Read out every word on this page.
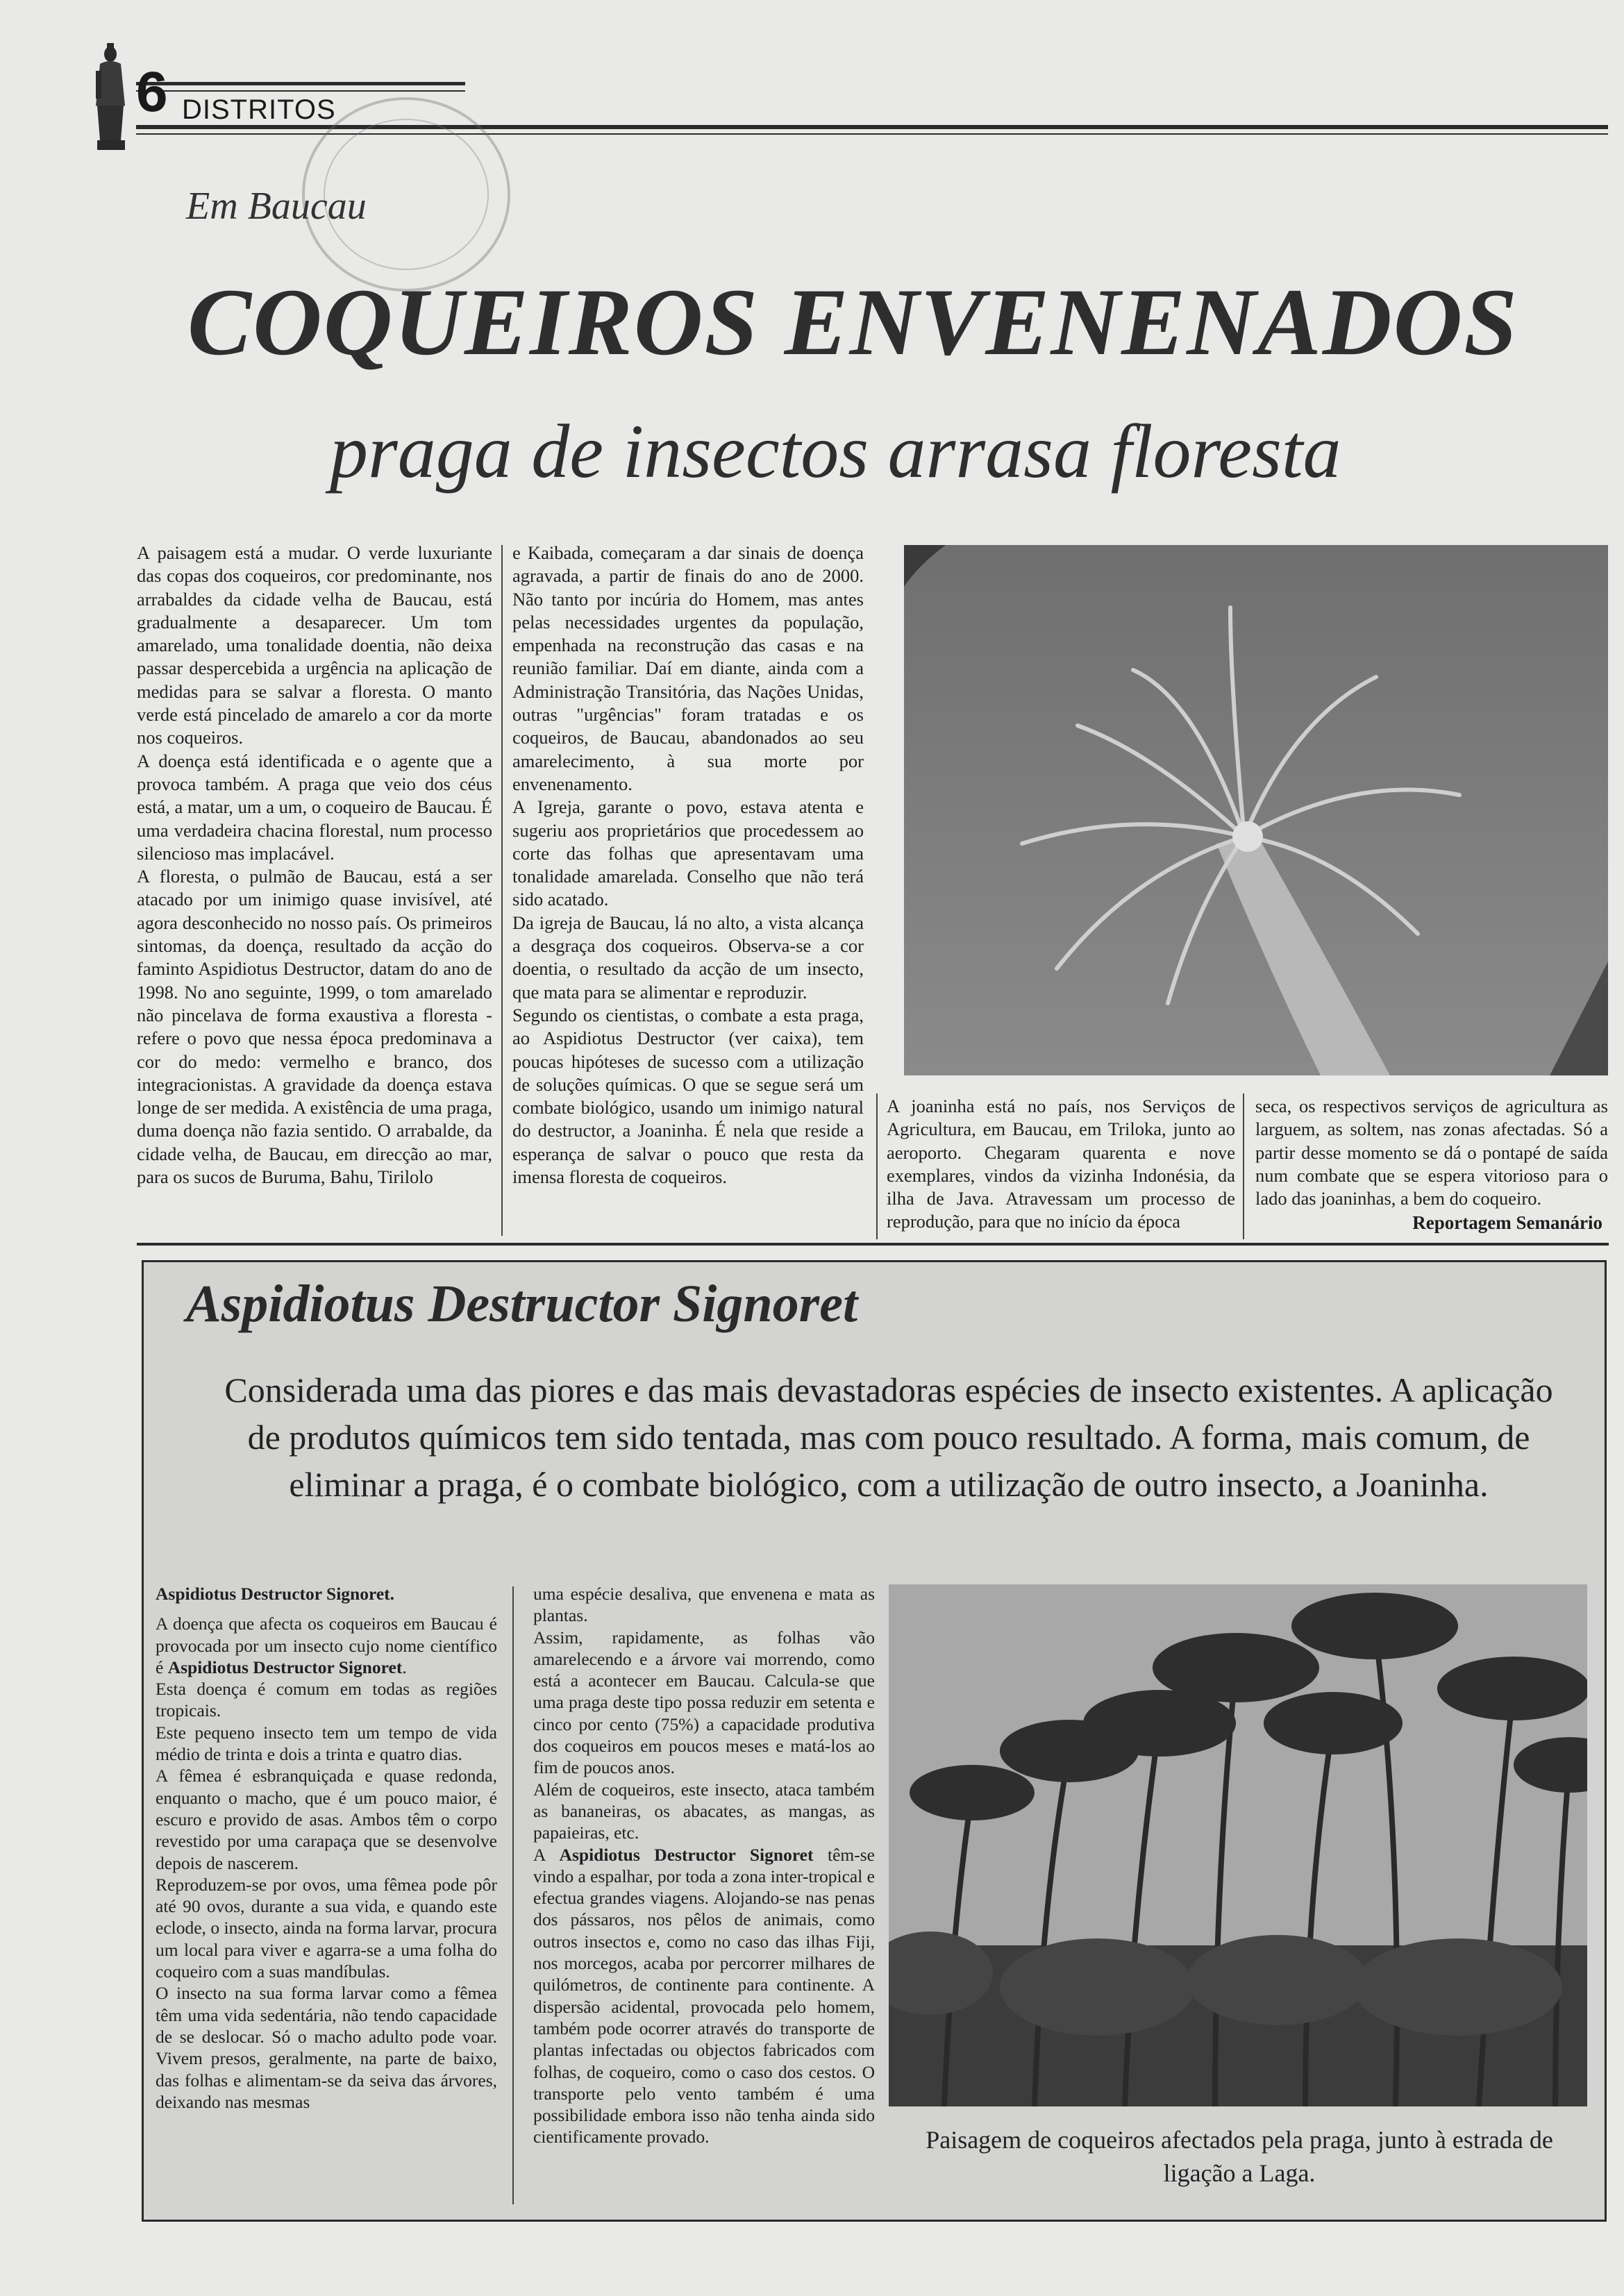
6 DISTRITOS
Em Baucau
COQUEIROS ENVENENADOS
praga de insectos arrasa floresta

A paisagem está a mudar. O verde luxuriante das copas dos coqueiros, cor predominante, nos arrabaldes da cidade velha de Baucau, está gradualmente a desaparecer. Um tom amarelado, uma tonalidade doentia, não deixa passar despercebida a urgência na aplicação de medidas para se salvar a floresta. O manto verde está pincelado de amarelo a cor da morte nos coqueiros.

A doença está identificada e o agente que a provoca também. A praga que veio dos céus está, a matar, um a um, o coqueiro de Baucau. É uma verdadeira chacina florestal, num processo silencioso mas implacável.

A floresta, o pulmão de Baucau, está a ser atacado por um inimigo quase invisível, até agora desconhecido no nosso país. Os primeiros sintomas, da doença, resultado da acção do faminto Aspidiotus Destructor, datam do ano de 1998. No ano seguinte, 1999, o tom amarelado não pincelava de forma exaustiva a floresta - refere o povo que nessa época predominava a cor do medo: vermelho e branco, dos integracionistas. A gravidade da doença estava longe de ser medida. A existência de uma praga, duma doença não fazia sentido. O arrabalde, da cidade velha, de Baucau, em direcção ao mar, para os sucos de Buruma, Bahu, Tirilolo

e Kaibada, começaram a dar sinais de doença agravada, a partir de finais do ano de 2000. Não tanto por incúria do Homem, mas antes pelas necessidades urgentes da população, empenhada na reconstrução das casas e na reunião familiar. Daí em diante, ainda com a Administração Transitória, das Nações Unidas, outras "urgências" foram tratadas e os coqueiros, de Baucau, abandonados ao seu amarelecimento, à sua morte por envenenamento.

A Igreja, garante o povo, estava atenta e sugeriu aos proprietários que procedessem ao corte das folhas que apresentavam uma tonalidade amarelada. Conselho que não terá sido acatado.

Da igreja de Baucau, lá no alto, a vista alcança a desgraça dos coqueiros. Observa-se a cor doentia, o resultado da acção de um insecto, que mata para se alimentar e reproduzir.

Segundo os cientistas, o combate a esta praga, ao Aspidiotus Destructor (ver caixa), tem poucas hipóteses de sucesso com a utilização de soluções químicas. O que se segue será um combate biológico, usando um inimigo natural do destructor, a Joaninha. É nela que reside a esperança de salvar o pouco que resta da imensa floresta de coqueiros.

A joaninha está no país, nos Serviços de Agricultura, em Baucau, em Triloka, junto ao aeroporto. Chegaram quarenta e nove exemplares, vindos da vizinha Indonésia, da ilha de Java. Atravessam um processo de reprodução, para que no início da época
seca, os respectivos serviços de agricultura as larguem, as soltem, nas zonas afectadas. Só a partir desse momento se dá o pontapé de saída num combate que se espera vitorioso para o lado das joaninhas, a bem do coqueiro.
Reportagem Semanário
Aspidiotus Destructor Signoret
Considerada uma das piores e das mais devastadoras espécies de insecto existentes. A aplicação de produtos químicos tem sido tentada, mas com pouco resultado. A forma, mais comum, de eliminar a praga, é o combate biológico, com a utilização de outro insecto, a Joaninha.

Aspidiotus Destructor Signoret.

A doença que afecta os coqueiros em Baucau é provocada por um insecto cujo nome científico é Aspidiotus Destructor Signoret.

Esta doença é comum em todas as regiões tropicais.

Este pequeno insecto tem um tempo de vida médio de trinta e dois a trinta e quatro dias.

A fêmea é esbranquiçada e quase redonda, enquanto o macho, que é um pouco maior, é escuro e provido de asas. Ambos têm o corpo revestido por uma carapaça que se desenvolve depois de nascerem.

Reproduzem-se por ovos, uma fêmea pode pôr até 90 ovos, durante a sua vida, e quando este eclode, o insecto, ainda na forma larvar, procura um local para viver e agarra-se a uma folha do coqueiro com a suas mandíbulas.

O insecto na sua forma larvar como a fêmea têm uma vida sedentária, não tendo capacidade de se deslocar. Só o macho adulto pode voar. Vivem presos, geralmente, na parte de baixo, das folhas e alimentam-se da seiva das árvores, deixando nas mesmas

uma espécie desaliva, que envenena e mata as plantas.

Assim, rapidamente, as folhas vão amarelecendo e a árvore vai morrendo, como está a acontecer em Baucau. Calcula-se que uma praga deste tipo possa reduzir em setenta e cinco por cento (75%) a capacidade produtiva dos coqueiros em poucos meses e matá-los ao fim de poucos anos.

Além de coqueiros, este insecto, ataca também as bananeiras, os abacates, as mangas, as papaieiras, etc.

A Aspidiotus Destructor Signoret têm-se vindo a espalhar, por toda a zona inter-tropical e efectua grandes viagens. Alojando-se nas penas dos pássaros, nos pêlos de animais, como outros insectos e, como no caso das ilhas Fiji, nos morcegos, acaba por percorrer milhares de quilómetros, de continente para continente. A dispersão acidental, provocada pelo homem, também pode ocorrer através do transporte de plantas infectadas ou objectos fabricados com folhas, de coqueiro, como o caso dos cestos. O transporte pelo vento também é uma possibilidade embora isso não tenha ainda sido cientificamente provado.	Paisagem de coqueiros afectados pela praga, junto à estrada de ligação a Laga.
